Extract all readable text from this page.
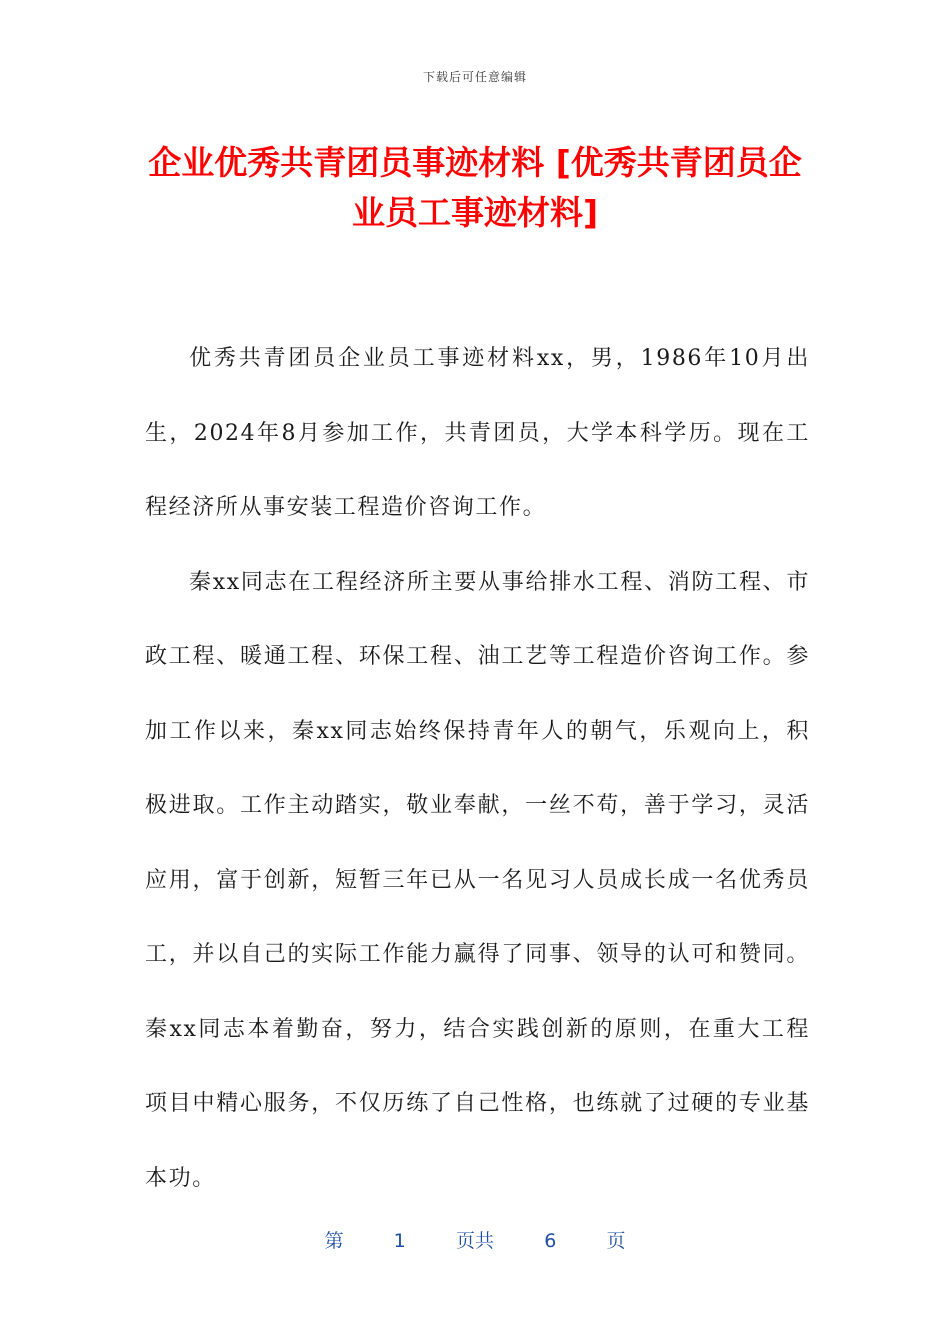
下载后可任意编辑
企业优秀共青团员事迹材料 [优秀共青团员企业员工事迹材料]

优秀共青团员企业员工事迹材料xx，男，1986年10月出生，2024年8月参加工作，共青团员，大学本科学历。现在工程经济所从事安装工程造价咨询工作。

秦xx同志在工程经济所主要从事给排水工程、消防工程、市政工程、暖通工程、环保工程、油工艺等工程造价咨询工作。参加工作以来，秦xx同志始终保持青年人的朝气，乐观向上，积极进取。工作主动踏实，敬业奉献，一丝不苟，善于学习，灵活应用，富于创新，短暂三年已从一名见习人员成长成一名优秀员工，并以自己的实际工作能力赢得了同事、领导的认可和赞同。秦xx同志本着勤奋，努力，结合实践创新的原则，在重大工程项目中精心服务，不仅历练了自己性格，也练就了过硬的专业基本功。

第	1	页共	6	页
